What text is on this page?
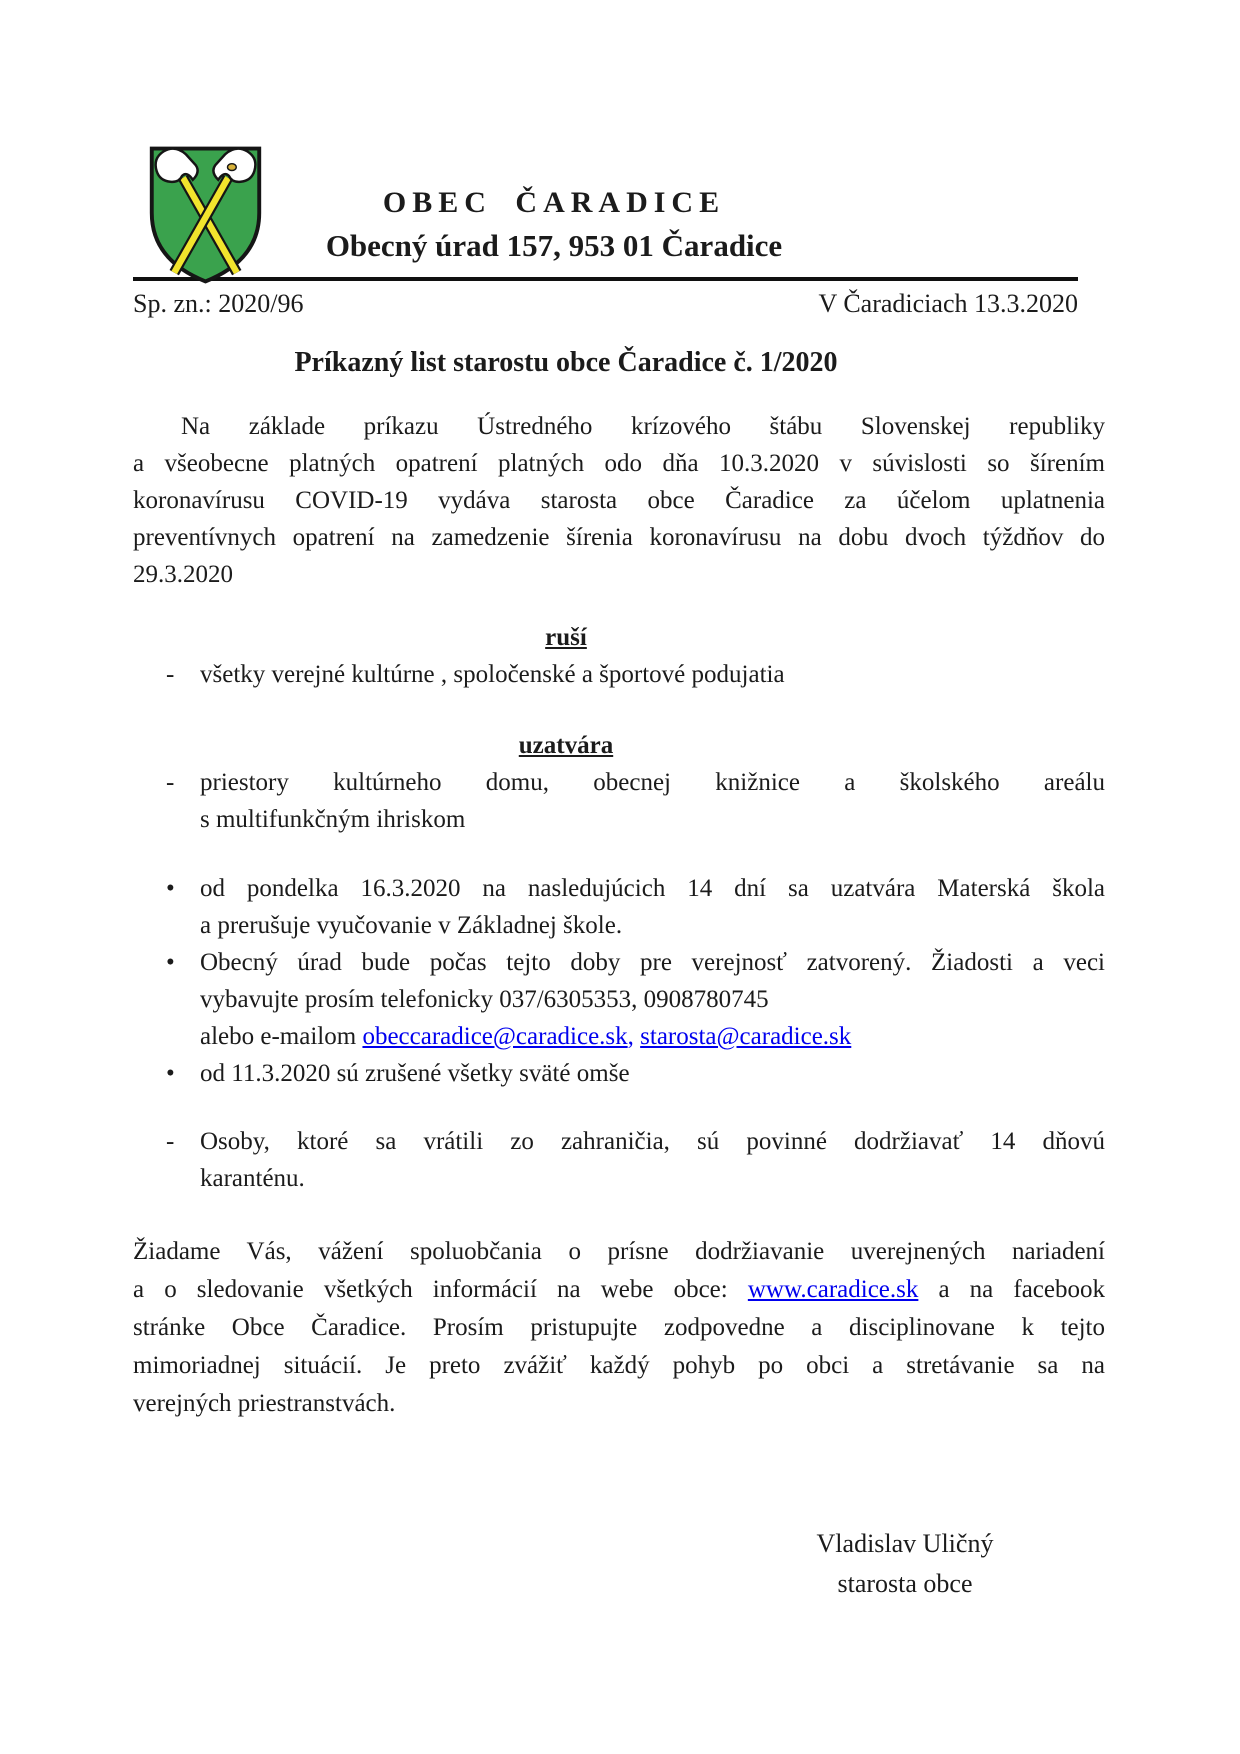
OBEC ČARADICE
Obecný úrad 157, 953 01 Čaradice
Sp. zn.: 2020/96	V Čaradiciach 13.3.2020
Príkazný list starostu obce Čaradice č. 1/2020
Na základe príkazu Ústredného krízového štábu Slovenskej republiky
a všeobecne platných opatrení platných odo dňa 10.3.2020 v súvislosti so šírením
koronavírusu COVID-19 vydáva starosta obce Čaradice za účelom uplatnenia
preventívnych opatrení na zamedzenie šírenia koronavírusu na dobu dvoch týždňov do
29.3.2020
ruší
-	všetky verejné kultúrne , spoločenské a športové podujatia
uzatvára
-	priestory kultúrneho domu, obecnej knižnice a školského areálu
s multifunkčným ihriskom
•	od pondelka 16.3.2020 na nasledujúcich 14 dní sa uzatvára Materská škola
a prerušuje vyučovanie v Základnej škole.
•	Obecný úrad bude počas tejto doby pre verejnosť zatvorený. Žiadosti a veci
vybavujte prosím telefonicky 037/6305353, 0908780745
alebo e-mailom obeccaradice@caradice.sk, starosta@caradice.sk
•	od 11.3.2020 sú zrušené všetky sväté omše
-	Osoby, ktoré sa vrátili zo zahraničia, sú povinné dodržiavať 14 dňovú
karanténu.
Žiadame Vás, vážení spoluobčania o prísne dodržiavanie uverejnených nariadení
a o sledovanie všetkých informácií na webe obce: www.caradice.sk a na facebook
stránke Obce Čaradice. Prosím pristupujte zodpovedne a disciplinovane k tejto
mimoriadnej situácií. Je preto zvážiť každý pohyb po obci a stretávanie sa na
verejných priestranstvách.
Vladislav Uličný
starosta obce
